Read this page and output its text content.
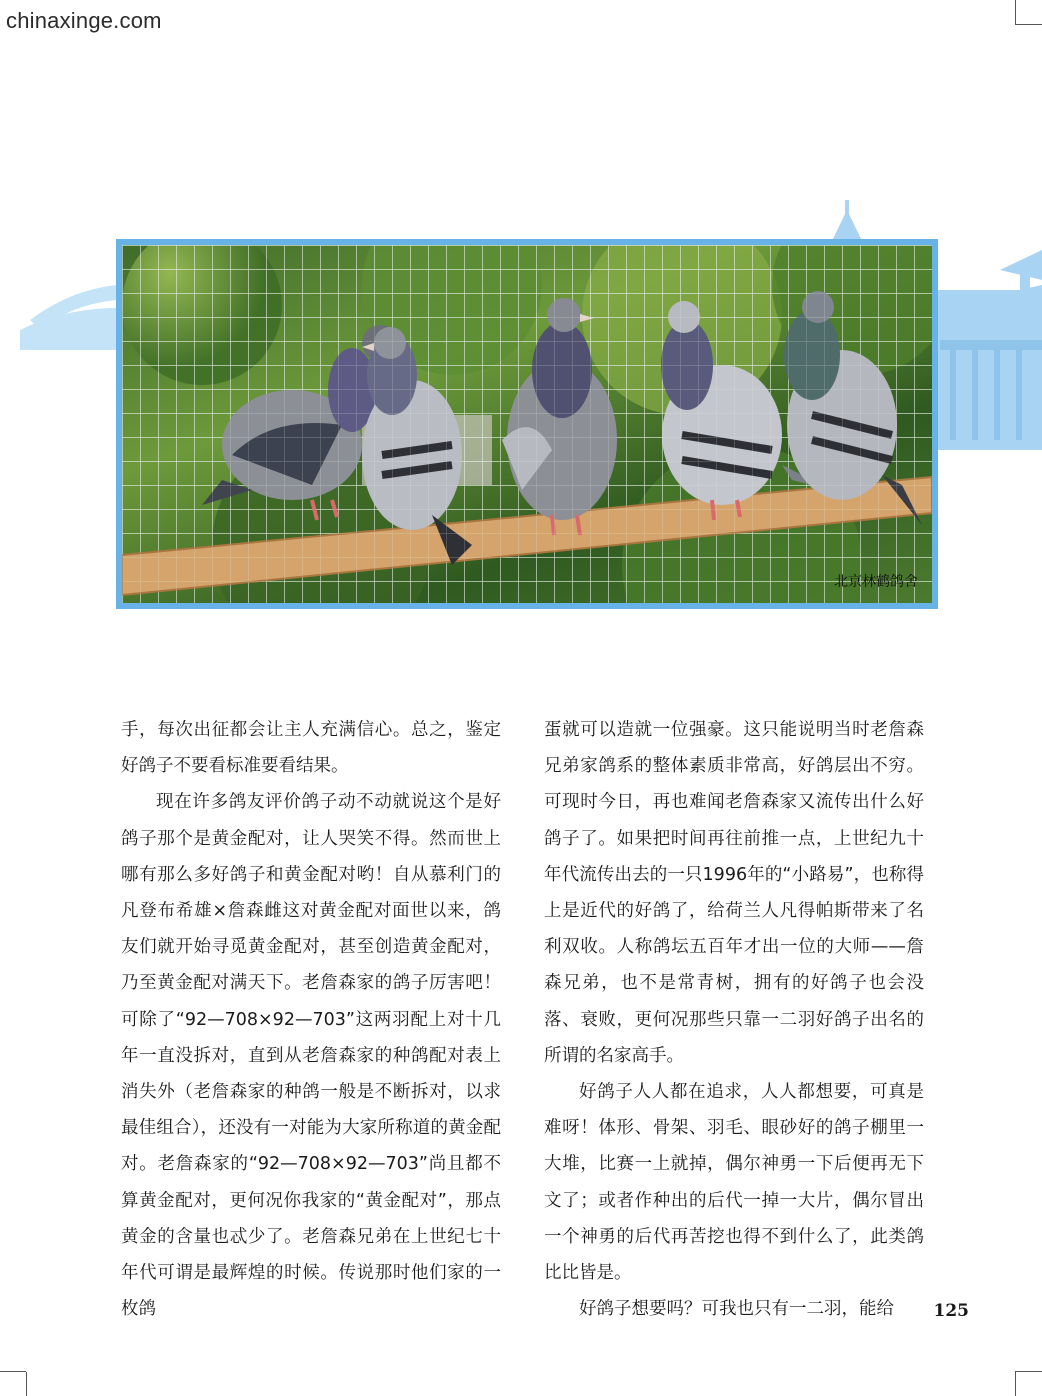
chinaxinge.com
北京林鹤鸽舍

手，每次出征都会让主人充满信心。总之，鉴定好鸽子不要看标准要看结果。

现在许多鸽友评价鸽子动不动就说这个是好鸽子那个是黄金配对，让人哭笑不得。然而世上哪有那么多好鸽子和黄金配对哟！自从慕利门的凡登布希雄×詹森雌这对黄金配对面世以来，鸽友们就开始寻觅黄金配对，甚至创造黄金配对，乃至黄金配对满天下。老詹森家的鸽子厉害吧！可除了“92—708×92—703”这两羽配上对十几年一直没拆对，直到从老詹森家的种鸽配对表上消失外（老詹森家的种鸽一般是不断拆对，以求最佳组合），还没有一对能为大家所称道的黄金配对。老詹森家的“92—708×92—703”尚且都不算黄金配对，更何况你我家的“黄金配对”，那点黄金的含量也忒少了。老詹森兄弟在上世纪七十年代可谓是最辉煌的时候。传说那时他们家的一枚鸽

蛋就可以造就一位强豪。这只能说明当时老詹森兄弟家鸽系的整体素质非常高，好鸽层出不穷。可现时今日，再也难闻老詹森家又流传出什么好鸽子了。如果把时间再往前推一点，上世纪九十年代流传出去的一只1996年的“小路易”，也称得上是近代的好鸽了，给荷兰人凡得帕斯带来了名利双收。人称鸽坛五百年才出一位的大师——詹森兄弟，也不是常青树，拥有的好鸽子也会没落、衰败，更何况那些只靠一二羽好鸽子出名的所谓的名家高手。

好鸽子人人都在追求，人人都想要，可真是难呀！体形、骨架、羽毛、眼砂好的鸽子棚里一大堆，比赛一上就掉，偶尔神勇一下后便再无下文了；或者作种出的后代一掉一大片，偶尔冒出一个神勇的后代再苦挖也得不到什么了，此类鸽比比皆是。

好鸽子想要吗？可我也只有一二羽，能给	125
